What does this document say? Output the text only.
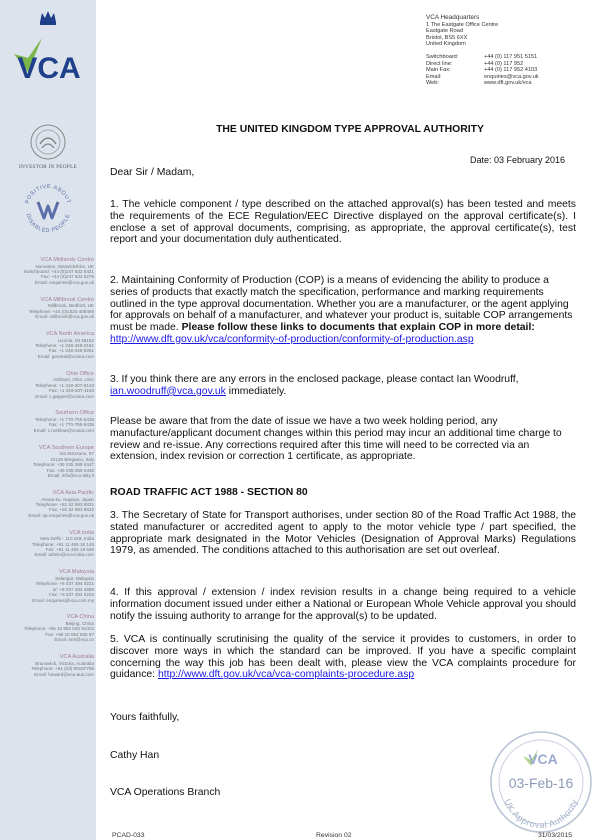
VCA
INVESTOR IN PEOPLE
POSITIVE ABOUT
DISABLED PEOPLE
VCA Midlands Centre
Nuneaton, Warwickshire, UK
Switchboard: +44 (0)247 632 8421
Fax: +44 (0)247 632 9276
Email: enquiries@vca.gov.uk
VCA Millbrook Centre
Millbrook, Bedford, UK
Telephone: +44 (0)1525 408466
Email: millbrook@vca.gov.uk
VCA North America
Livonia, MI 48152
Telephone: +1 248-468-0151
Fax: +1 248-349-9261
Email: general@vcana.com
Ohio Office
Ashland, Ohio, USA
Telephone: +1 419-207-8123
Fax: +1 419-207-1193
Email: c.gepper@vcana.com
Southern Office
Telephone: +1 770-755-5435
Fax: +1 770-755-5435
Email: c.rushlow@vcana.com
VCA Southern Europe
Via Stezzano, 87
24126 Bergamo, Italy
Telephone: +39 035 369 0447
Fax: +39 035 069 0448
Email: info@vca-italy.it
VCA Asia Pacific
Atsuta-ku, Nagoya, Japan
Telephone: +81 52 683 8831
Fax: +81 52 683 8832
Email: ap-enquiries@vca.gov.uk
VCA India
New Delhi - 110 019, India
Telephone: +91 11 465 18 145
Fax: +91 11 465 18 546
Email: admin@vca-india.com
VCA Malaysia
Selangor, Malaysia
Telephone: +6 037 494 0221
or: +6 037 494 4868
Fax: +6 037 494 0225
Email: enquiries@vca.com.my
VCA China
Beijing, China
Telephone: +86 10 852 830 91/2/3
Fax: +86 10 852 830 97
Email: ann@vca.cn
VCA Australia
Brunswick, Victoria, Australia
Telephone: +61 (03) 90187758
Email: howard@vca-aus.com
VCA Headquarters
1 The Eastgate Office Centre
Eastgate Road
Bristol, BS5 6XX
United Kingdom
Switchboard:	+44 (0) 117 951 5151
Direct line:	+44 (0) 117 952
Main Fax:	+44 (0) 117 952 4103
Email:	enquiries@vca.gov.uk
Web:	www.dft.gov.uk/vca
THE UNITED KINGDOM TYPE APPROVAL AUTHORITY
Date: 03 February 2016
Dear Sir / Madam,
1. The vehicle component / type described on the attached approval(s) has been tested and meets the requirements of the ECE Regulation/EEC Directive displayed on the approval certificate(s). I enclose a set of approval documents, comprising, as appropriate, the approval certificate(s), test report and your documentation duly authenticated.
2. Maintaining Conformity of Production (COP) is a means of evidencing the ability to produce a series of products that exactly match the specification, performance and marking requirements outlined in the type approval documentation. Whether you are a manufacturer, or the agent applying for approvals on behalf of a manufacturer, and whatever your product is, suitable COP arrangements must be made. Please follow these links to documents that explain COP in more detail: http://www.dft.gov.uk/vca/conformity-of-production/conformity-of-production.asp
3. If you think there are any errors in the enclosed package, please contact Ian Woodruff,
ian.woodruff@vca.gov.uk immediately.
Please be aware that from the date of issue we have a two week holding period, any manufacture/applicant document changes within this period may incur an additional time charge to review and re-issue. Any corrections required after this time will need to be corrected via an extension, index revision or correction 1 certificate, as appropriate.
ROAD TRAFFIC ACT 1988 - SECTION 80
3. The Secretary of State for Transport authorises, under section 80 of the Road Traffic Act 1988, the stated manufacturer or accredited agent to apply to the motor vehicle type / part specified, the appropriate mark designated in the Motor Vehicles (Designation of Approval Marks) Regulations 1979, as amended. The conditions attached to this authorisation are set out overleaf.
4. If this approval / extension / index revision results in a change being required to a vehicle information document issued under either a National or European Whole Vehicle approval you should notify the issuing authority to arrange for the approval(s) to be updated.
5. VCA is continually scrutinising the quality of the service it provides to customers, in order to discover more ways in which the standard can be improved. If you have a specific complaint concerning the way this job has been dealt with, please view the VCA complaints procedure for guidance: http://www.dft.gov.uk/vca/vca-complaints-procedure.asp
Yours faithfully,
Cathy Han
VCA Operations Branch
VCA
03-Feb-16
UK Approval Authority
PCAD-033	Revision 02	31/03/2015
